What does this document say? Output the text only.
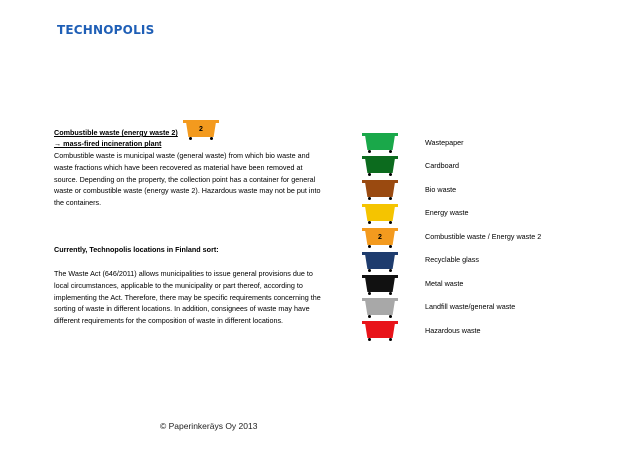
TECHNOPOLIS
Combustible waste (energy waste 2)
→ mass-fired incineration plant
2
Combustible waste is municipal waste (general waste) from which bio waste and
waste fractions which have been recovered as material have been removed at
source. Depending on the property, the collection point has a container for general
waste or combustible waste (energy waste 2). Hazardous waste may not be put into
the containers.
Currently, Technopolis locations in Finland sort:
The Waste Act (646/2011) allows municipalities to issue general provisions due to
local circumstances, applicable to the municipality or part thereof, according to
implementing the Act. Therefore, there may be specific requirements concerning the
sorting of waste in different locations. In addition, consignees of waste may have
different requirements for the composition of waste in different locations.
Wastepaper
Cardboard
Bio waste
Energy waste
2	Combustible waste / Energy waste 2
Recyclable glass
Metal waste
Landfill waste/general waste
Hazardous waste
© Paperinkeräys Oy 2013
